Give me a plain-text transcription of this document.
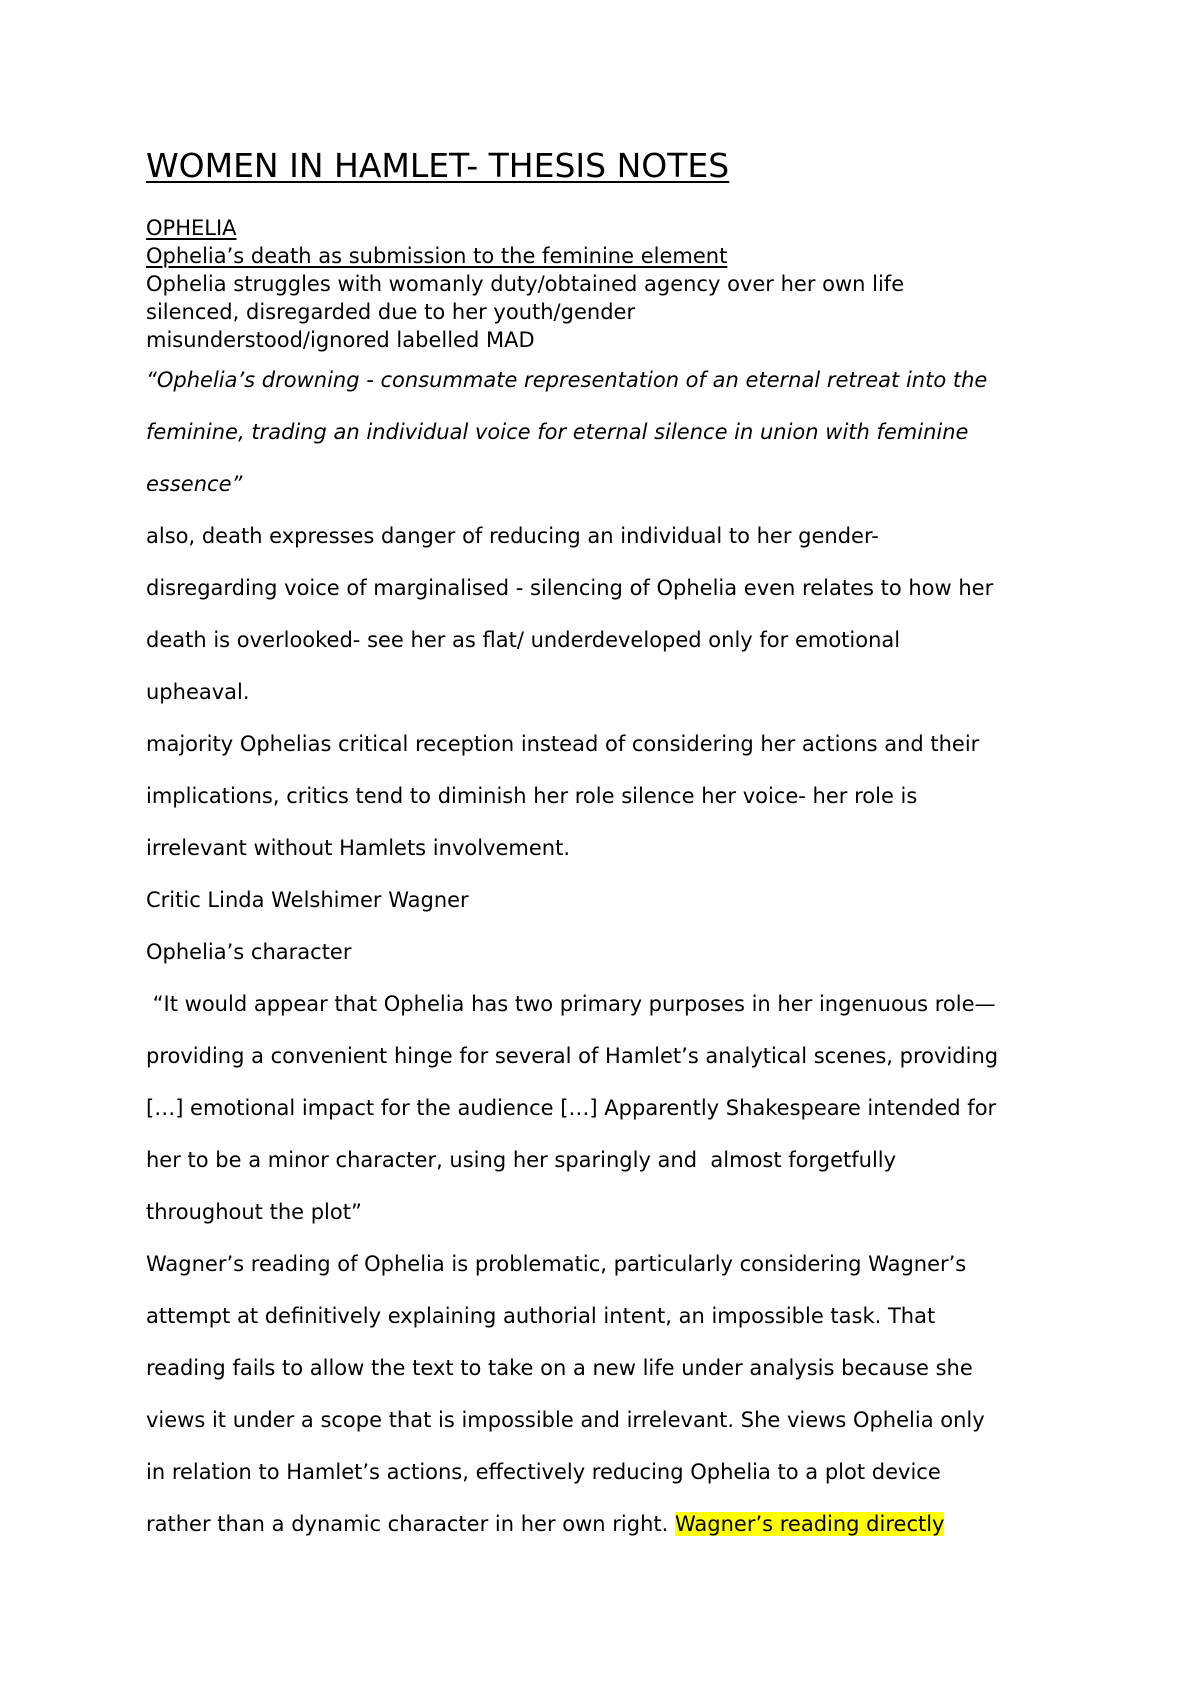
WOMEN IN HAMLET- THESIS NOTES
OPHELIA
Ophelia’s death as submission to the feminine element
Ophelia struggles with womanly duty/obtained agency over her own life
silenced, disregarded due to her youth/gender
misunderstood/ignored labelled MAD
“Ophelia’s drowning - consummate representation of an eternal retreat into the
feminine, trading an individual voice for eternal silence in union with feminine
essence”
also, death expresses danger of reducing an individual to her gender-
disregarding voice of marginalised - silencing of Ophelia even relates to how her
death is overlooked- see her as flat/ underdeveloped only for emotional
upheaval.
majority Ophelias critical reception instead of considering her actions and their
implications, critics tend to diminish her role silence her voice- her role is
irrelevant without Hamlets involvement.
Critic Linda Welshimer Wagner
Ophelia’s character
“It would appear that Ophelia has two primary purposes in her ingenuous role—
providing a convenient hinge for several of Hamlet’s analytical scenes, providing
[…] emotional impact for the audience […] Apparently Shakespeare intended for
her to be a minor character, using her sparingly and  almost forgetfully
throughout the plot”
Wagner’s reading of Ophelia is problematic, particularly considering Wagner’s
attempt at definitively explaining authorial intent, an impossible task. That
reading fails to allow the text to take on a new life under analysis because she
views it under a scope that is impossible and irrelevant. She views Ophelia only
in relation to Hamlet’s actions, effectively reducing Ophelia to a plot device
rather than a dynamic character in her own right. Wagner’s reading directly
